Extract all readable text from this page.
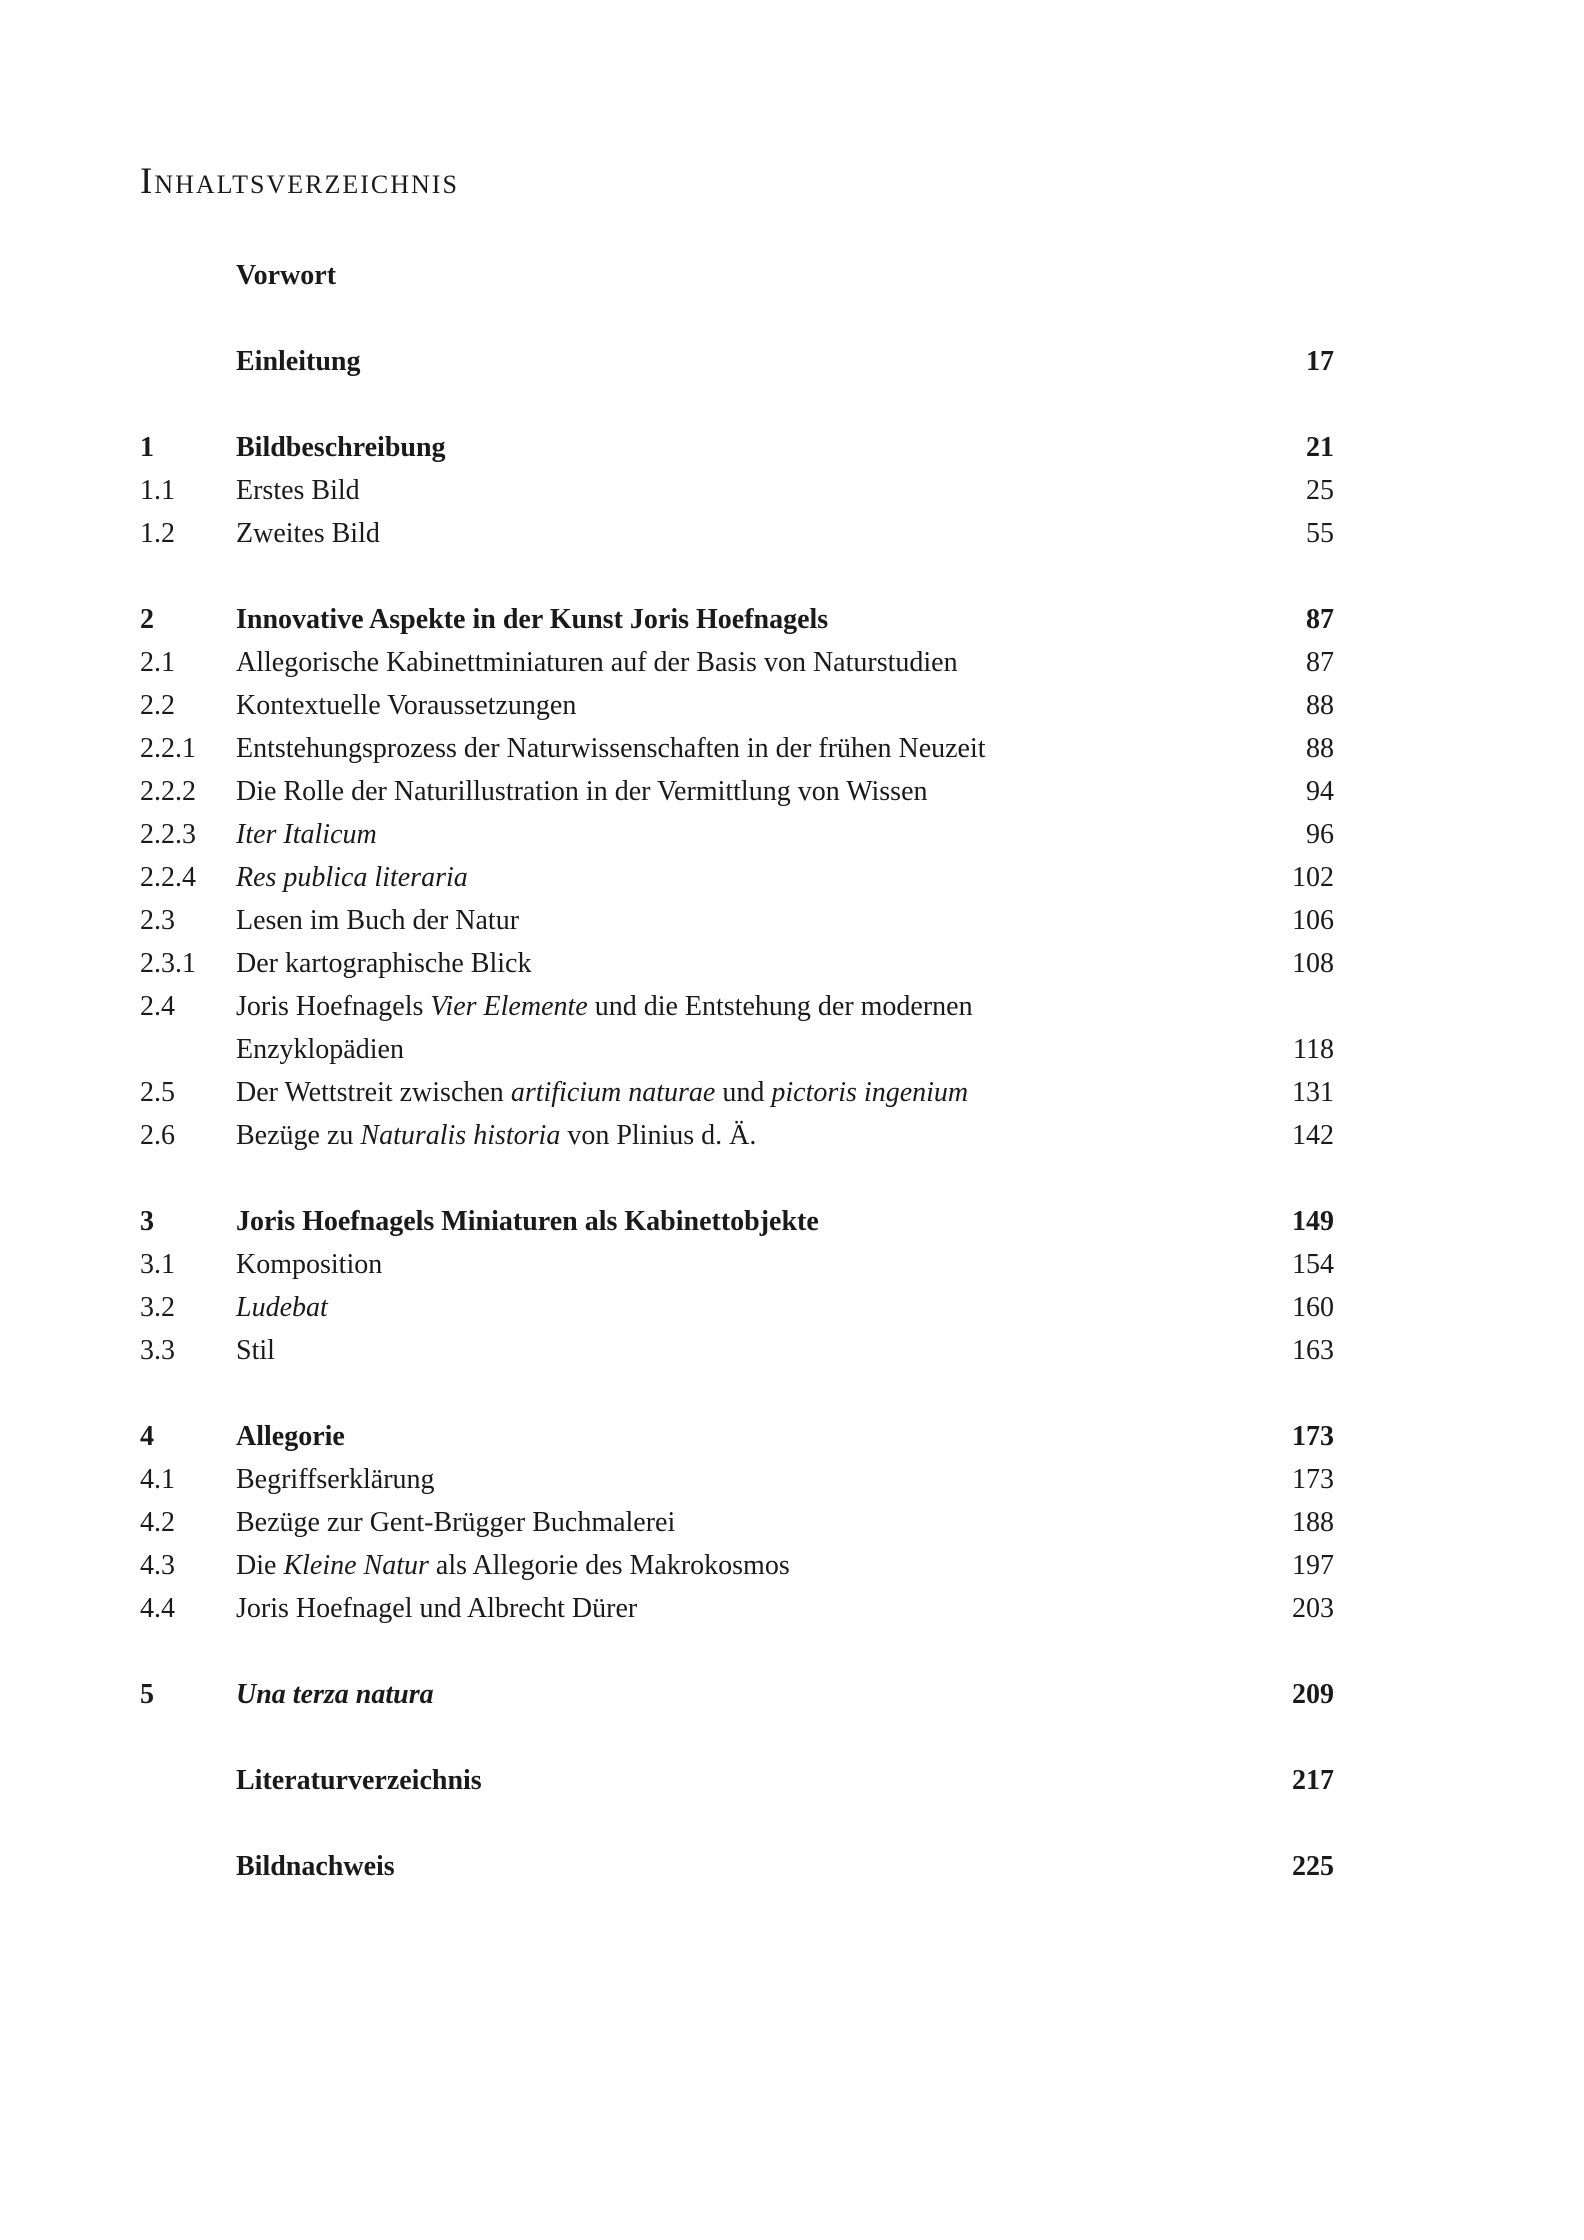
Inhaltsverzeichnis
Vorwort
Einleitung	17
1	Bildbeschreibung	21
1.1 Erstes Bild	25
1.2 Zweites Bild	55
2	Innovative Aspekte in der Kunst Joris Hoefnagels	87
2.1 Allegorische Kabinettminiaturen auf der Basis von Naturstudien	87
2.2 Kontextuelle Voraussetzungen	88
2.2.1 Entstehungsprozess der Naturwissenschaften in der frühen Neuzeit	88
2.2.2 Die Rolle der Naturillustration in der Vermittlung von Wissen	94
2.2.3 Iter Italicum	96
2.2.4 Res publica literaria	102
2.3 Lesen im Buch der Natur	106
2.3.1 Der kartographische Blick	108
2.4 Joris Hoefnagels Vier Elemente und die Entstehung der modernen
Enzyklopädien	118
2.5 Der Wettstreit zwischen artificium naturae und pictoris ingenium	131
2.6 Bezüge zu Naturalis historia von Plinius d. Ä.	142
3	Joris Hoefnagels Miniaturen als Kabinettobjekte	149
3.1 Komposition	154
3.2 Ludebat	160
3.3 Stil	163
4	Allegorie	173
4.1 Begriffserklärung	173
4.2 Bezüge zur Gent-Brügger Buchmalerei	188
4.3 Die Kleine Natur als Allegorie des Makrokosmos	197
4.4 Joris Hoefnagel und Albrecht Dürer	203
5	Una terza natura	209
Literaturverzeichnis	217
Bildnachweis	225
